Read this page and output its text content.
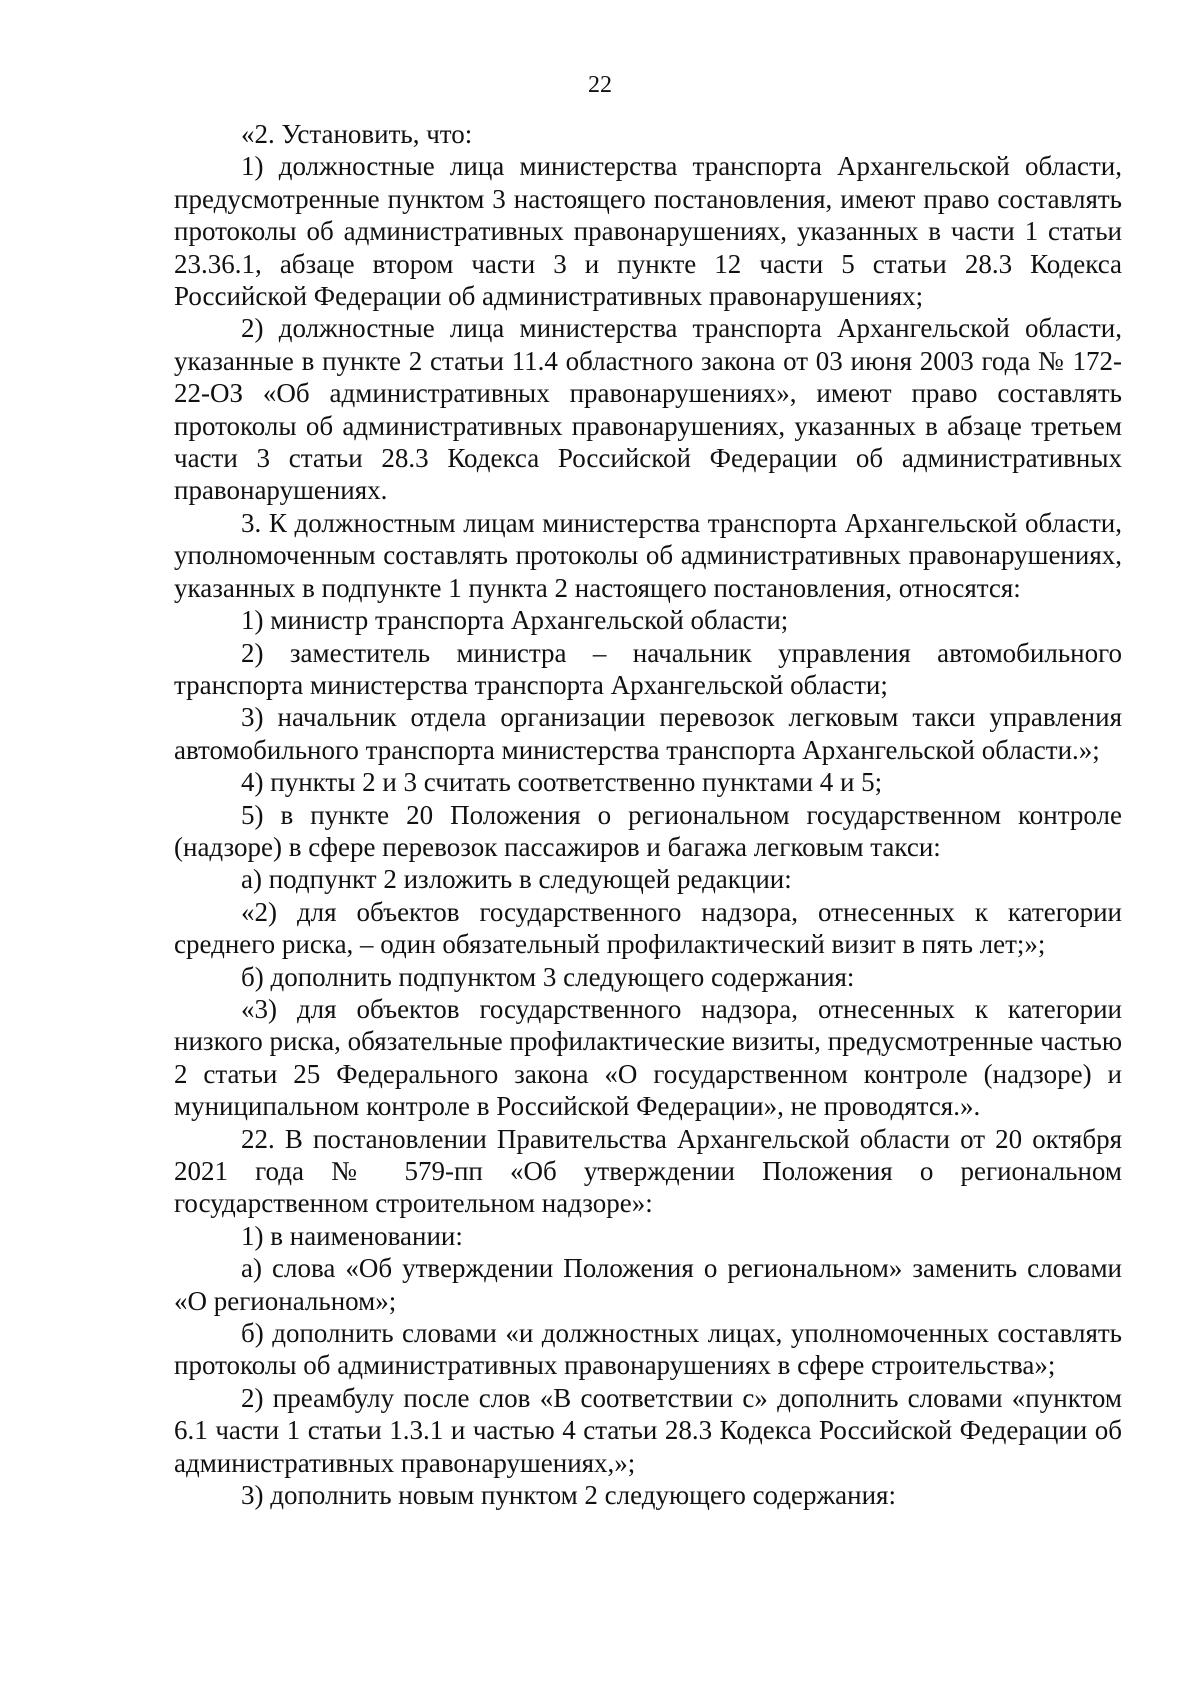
22

«2. Установить, что:

1) должностные лица министерства транспорта Архангельской области, предусмотренные пунктом 3 настоящего постановления, имеют право составлять протоколы об административных правонарушениях, указанных в части 1 статьи 23.36.1, абзаце втором части 3 и пункте 12 части 5 статьи 28.3 Кодекса Российской Федерации об административных правонарушениях;

2) должностные лица министерства транспорта Архангельской области, указанные в пункте 2 статьи 11.4 областного закона от 03 июня 2003 года № 172-22-ОЗ «Об административных правонарушениях», имеют право составлять протоколы об административных правонарушениях, указанных в абзаце третьем части 3 статьи 28.3 Кодекса Российской Федерации об административных правонарушениях.

3. К должностным лицам министерства транспорта Архангельской области, уполномоченным составлять протоколы об административных правонарушениях, указанных в подпункте 1 пункта 2 настоящего постановления, относятся:

1) министр транспорта Архангельской области;

2) заместитель министра – начальник управления автомобильного транспорта министерства транспорта Архангельской области;

3) начальник отдела организации перевозок легковым такси управления автомобильного транспорта министерства транспорта Архангельской области.»;

4) пункты 2 и 3 считать соответственно пунктами 4 и 5;

5) в пункте 20 Положения о региональном государственном контроле (надзоре) в сфере перевозок пассажиров и багажа легковым такси:

а) подпункт 2 изложить в следующей редакции:

«2) для объектов государственного надзора, отнесенных к категории среднего риска, – один обязательный профилактический визит в пять лет;»;

б) дополнить подпунктом 3 следующего содержания:

«3) для объектов государственного надзора, отнесенных к категории низкого риска, обязательные профилактические визиты, предусмотренные частью 2 статьи 25 Федерального закона «О государственном контроле (надзоре) и муниципальном контроле в Российской Федерации», не проводятся.».

22. В постановлении Правительства Архангельской области от 20 октября 2021 года № 579-пп «Об утверждении Положения о региональном государственном строительном надзоре»:

1) в наименовании:

а) слова «Об утверждении Положения о региональном» заменить словами «О региональном»;

б) дополнить словами «и должностных лицах, уполномоченных составлять протоколы об административных правонарушениях в сфере строительства»;

2) преамбулу после слов «В соответствии с» дополнить словами «пунктом 6.1 части 1 статьи 1.3.1 и частью 4 статьи 28.3 Кодекса Российской Федерации об административных правонарушениях,»;

3) дополнить новым пунктом 2 следующего содержания:
